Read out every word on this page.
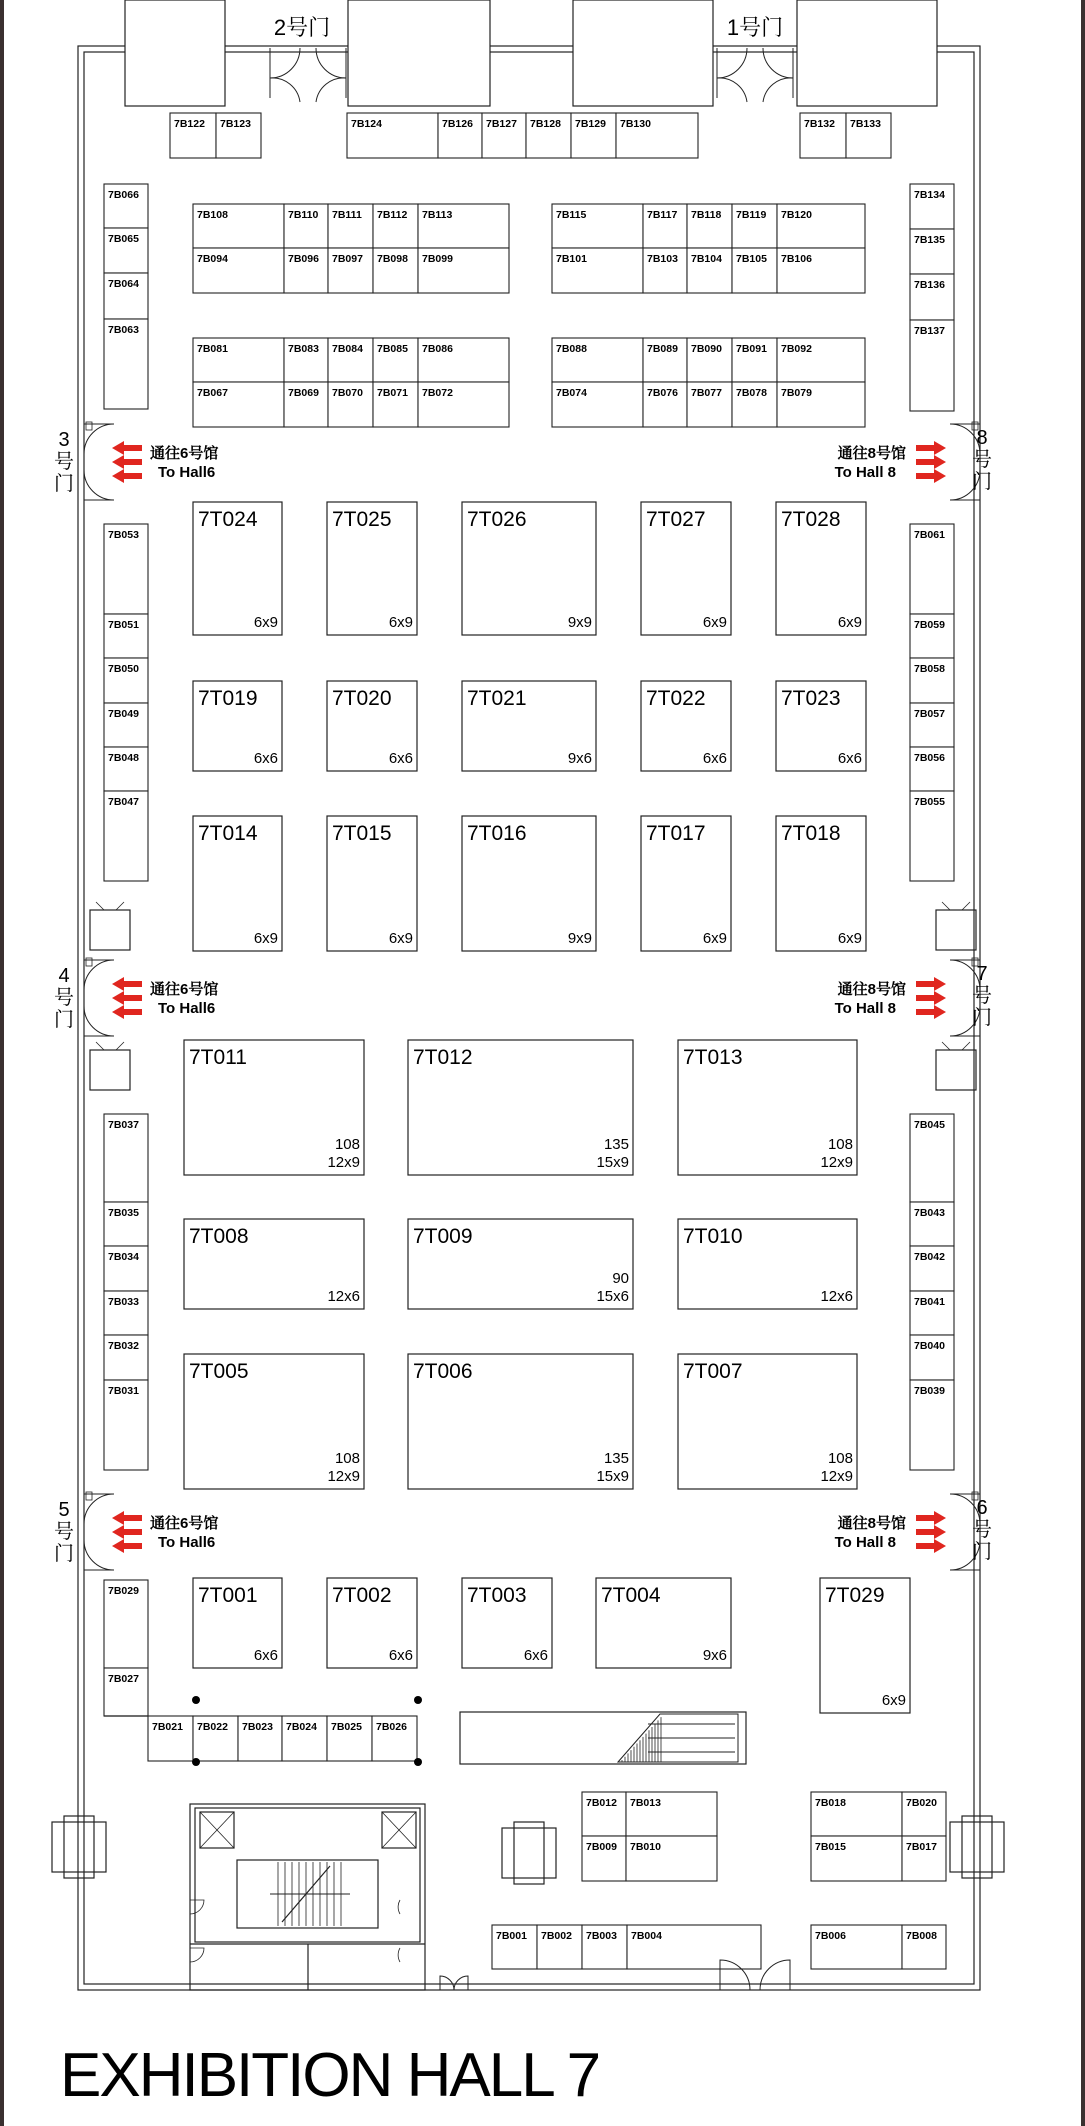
2号门	1号门
7B122 7B123	7B124	7B126 7B127 7B128 7B129 7B130	7B132 7B133
7B066
7B065
7B064
7B063
7B108	7B110 7B111 7B112 7B113
7B094	7B096 7B097 7B098 7B099
7B115	7B117 7B118 7B119 7B120
7B101	7B103 7B104 7B105 7B106
7B081	7B083 7B084 7B085 7B086
7B067	7B069 7B070 7B071 7B072
7B088	7B089 7B090 7B091 7B092
7B074	7B076 7B077 7B078 7B079
7B134
7B135
7B136
7B137
7B053
7B051
7B050
7B049
7B048
7B047
7B061
7B059
7B058
7B057
7B056
7B055
7B037
7B035
7B034
7B033
7B032
7B031
7B045
7B043
7B042
7B041
7B040
7B039
7B029
7B027
7B021 7B022 7B023 7B024 7B025 7B026
7B012 7B013
7B009 7B010
7B018	7B020
7B015	7B017
7B001 7B002 7B003 7B004	7B006	7B008
7T024
6x9
7T025
6x9
7T026
9x9
7T027
6x9
7T028
6x9
7T019
6x6
7T020
6x6
7T021
9x6
7T022
6x6
7T023
6x6
7T014
6x9
7T015
6x9
7T016
9x9
7T017
6x9
7T018
6x9
7T011
12x9
108
7T012
15x9
135
7T013
12x9
108
7T008
12x6
7T009
15x6
90
7T010
12x6
7T005
12x9
108
7T006
15x9
135
7T007
12x9
108
7T001
6x6
7T002
6x6
7T003
6x6
7T004
9x6
7T029
6x9
3
号
门
8
号
门
通往6号馆
To Hall6
通往8号馆
To Hall 8
4
号
门
7
号
门
通往6号馆
To Hall6
通往8号馆
To Hall 8
5
号
门
6
号
门
通往6号馆
To Hall6
通往8号馆
To Hall 8
EXHIBITION HALL 7
